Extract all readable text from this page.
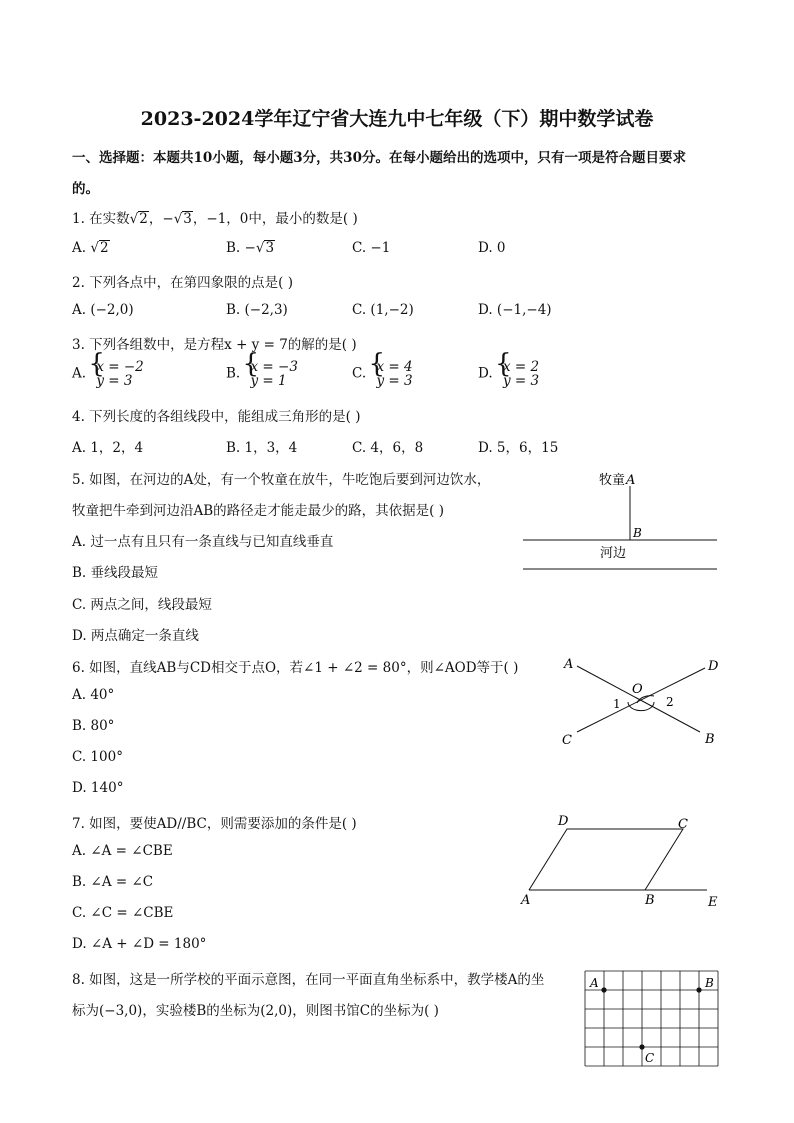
2023-2024学年辽宁省大连九中七年级（下）期中数学试卷
一、选择题：本题共10小题，每小题3分，共30分。在每小题给出的选项中，只有一项是符合题目要求
的。
1. 在实数√2，−√3，−1，0中，最小的数是( )
A. √2	B. −√3	C. −1	D. 0
2. 下列各点中，在第四象限的点是( )
A. (−2,0)	B. (−2,3)	C. (1,−2)	D. (−1,−4)
3. 下列各组数中，是方程x + y = 7的解的是( )
A. { x = −2
y = 3	B. { x = −3
y = 1	C. { x = 4
y = 3	D. { x = 2
y = 3
4. 下列长度的各组线段中，能组成三角形的是( )
A. 1，2，4	B. 1，3，4	C. 4，6，8	D. 5，6，15
5. 如图，在河边的A处，有一个牧童在放牛，牛吃饱后要到河边饮水，
牧童把牛牵到河边沿AB的路径走才能走最少的路，其依据是( )
A. 过一点有且只有一条直线与已知直线垂直
B. 垂线段最短
C. 两点之间，线段最短
D. 两点确定一条直线
牧童 A
B
河边
6. 如图，直线AB与CD相交于点O，若∠1 + ∠2 = 80°，则∠AOD等于( )
A. 40°
B. 80°
C. 100°
D. 140°
A
B
C
D
O
1	2
7. 如图，要使AD//BC，则需要添加的条件是( )
A. ∠A = ∠CBE
B. ∠A = ∠C
C. ∠C = ∠CBE
D. ∠A + ∠D = 180°
A	B
C
D
E
8. 如图，这是一所学校的平面示意图，在同一平面直角坐标系中，教学楼A的坐
标为(−3,0)，实验楼B的坐标为(2,0)，则图书馆C的坐标为( )
A	B
C
